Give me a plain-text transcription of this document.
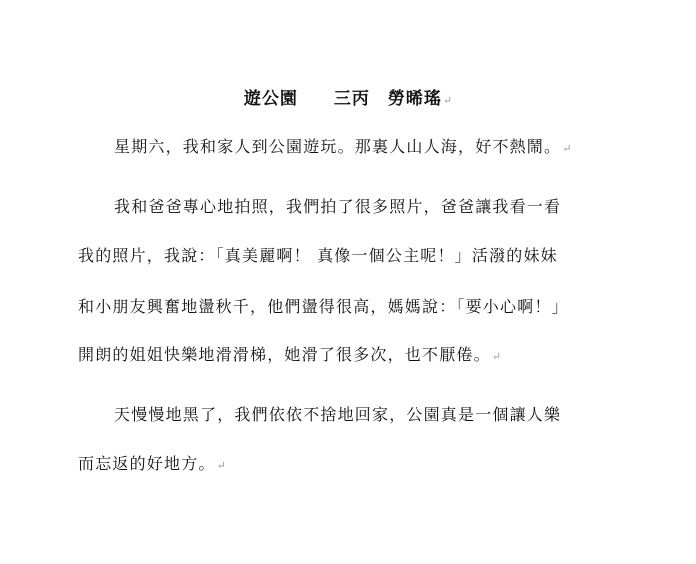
遊公園　　三丙　勞晞瑤↵
星期六，我和家人到公園遊玩。那裏人山人海，好不熱鬧。↵
我和爸爸專心地拍照，我們拍了很多照片，爸爸讓我看一看
我的照片，我說：「真美麗啊！ 真像一個公主呢！」活潑的妹妹
和小朋友興奮地盪秋千，他們盪得很高，媽媽說：「要小心啊！」
開朗的姐姐快樂地滑滑梯，她滑了很多次，也不厭倦。↵
天慢慢地黑了，我們依依不捨地回家，公園真是一個讓人樂
而忘返的好地方。↵
